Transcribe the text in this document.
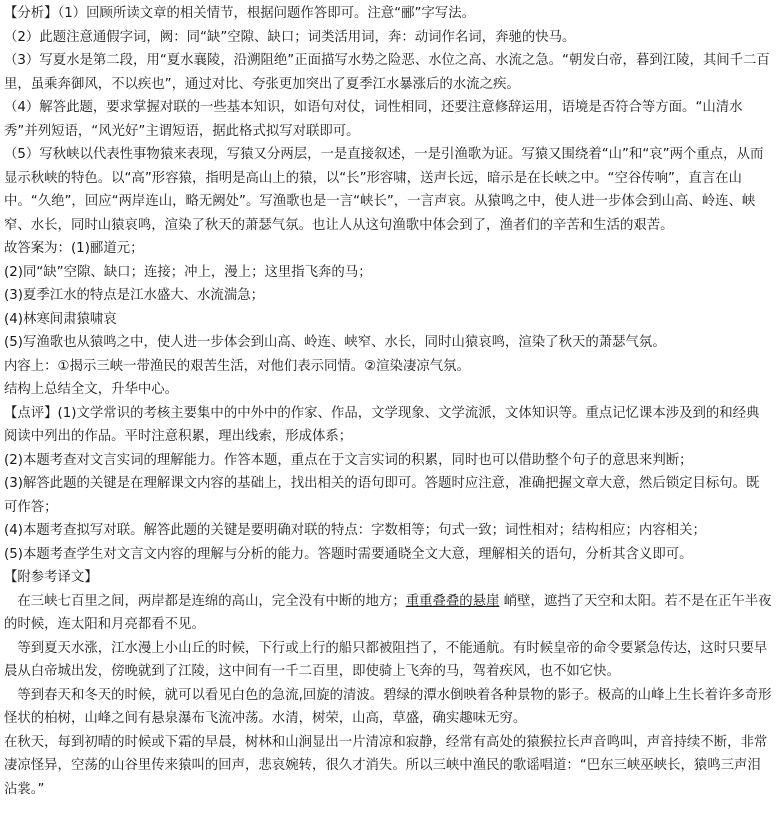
【分析】（1）回顾所读文章的相关情节，根据问题作答即可。注意“郦”字写法。

（2）此题注意通假字词，阙：同“缺”空隙、缺口；词类活用词，奔：动词作名词，奔驰的快马。

（3）写夏水是第二段，用“夏水襄陵，沿溯阻绝”正面描写水势之险恶、水位之高、水流之急。“朝发白帝，暮到江陵，其间千二百里，虽乘奔御风，不以疾也”，通过对比、夸张更加突出了夏季江水暴涨后的水流之疾。

（4）解答此题，要求掌握对联的一些基本知识，如语句对仗，词性相同，还要注意修辞运用，语境是否符合等方面。“山清水秀”并列短语，“风光好”主谓短语，据此格式拟写对联即可。

（5）写秋峡以代表性事物猿来表现，写猿又分两层，一是直接叙述，一是引渔歌为证。写猿又围绕着“山”和“哀”两个重点，从而显示秋峡的特色。以“高”形容猿，指明是高山上的猿，以“长”形容啸，送声长远，暗示是在长峡之中。“空谷传响”，直言在山中。“久绝”，回应“两岸连山，略无阙处”。写渔歌也是一言“峡长”，一言声哀。从猿鸣之中，使人进一步体会到山高、岭连、峡窄、水长，同时山猿哀鸣，渲染了秋天的萧瑟气氛。也让人从这句渔歌中体会到了，渔者们的辛苦和生活的艰苦。

故答案为：(1)郦道元；

(2)同“缺”空隙、缺口；连接；冲上，漫上；这里指飞奔的马；

(3)夏季江水的特点是江水盛大、水流湍急；

(4)林寒间肃猿啸哀

(5)写渔歌也从猿鸣之中，使人进一步体会到山高、岭连、峡窄、水长，同时山猿哀鸣，渲染了秋天的萧瑟气氛。

内容上：①揭示三峡一带渔民的艰苦生活，对他们表示同情。②渲染凄凉气氛。

结构上总结全文，升华中心。

【点评】(1)文学常识的考核主要集中的中外中的作家、作品，文学现象、文学流派，文体知识等。重点记忆课本涉及到的和经典阅读中列出的作品。平时注意积累，理出线索，形成体系；

(2)本题考查对文言实词的理解能力。作答本题，重点在于文言实词的积累，同时也可以借助整个句子的意思来判断；

(3)解答此题的关键是在理解课文内容的基础上，找出相关的语句即可。答题时应注意，准确把握文章大意，然后锁定目标句。既可作答；

(4)本题考查拟写对联。解答此题的关键是要明确对联的特点：字数相等；句式一致；词性相对；结构相应；内容相关；

(5)本题考查学生对文言文内容的理解与分析的能力。答题时需要通晓全文大意，理解相关的语句，分析其含义即可。

【附参考译文】

在三峡七百里之间，两岸都是连绵的高山，完全没有中断的地方；重重叠叠的悬崖 峭壁，遮挡了天空和太阳。若不是在正午半夜的时候，连太阳和月亮都看不见。

等到夏天水涨，江水漫上小山丘的时候，下行或上行的船只都被阻挡了，不能通航。有时候皇帝的命令要紧急传达，这时只要早晨从白帝城出发，傍晚就到了江陵，这中间有一千二百里，即使骑上飞奔的马，驾着疾风，也不如它快。

等到春天和冬天的时候，就可以看见白色的急流,回旋的清波。碧绿的潭水倒映着各种景物的影子。极高的山峰上生长着许多奇形怪状的柏树，山峰之间有悬泉瀑布飞流冲荡。水清，树荣，山高，草盛，确实趣味无穷。

在秋天，每到初晴的时候或下霜的早晨，树林和山涧显出一片清凉和寂静，经常有高处的猿猴拉长声音鸣叫，声音持续不断，非常凄凉怪异，空荡的山谷里传来猿叫的回声，悲哀婉转，很久才消失。所以三峡中渔民的歌谣唱道：“巴东三峡巫峡长，猿鸣三声泪沾裳。”
